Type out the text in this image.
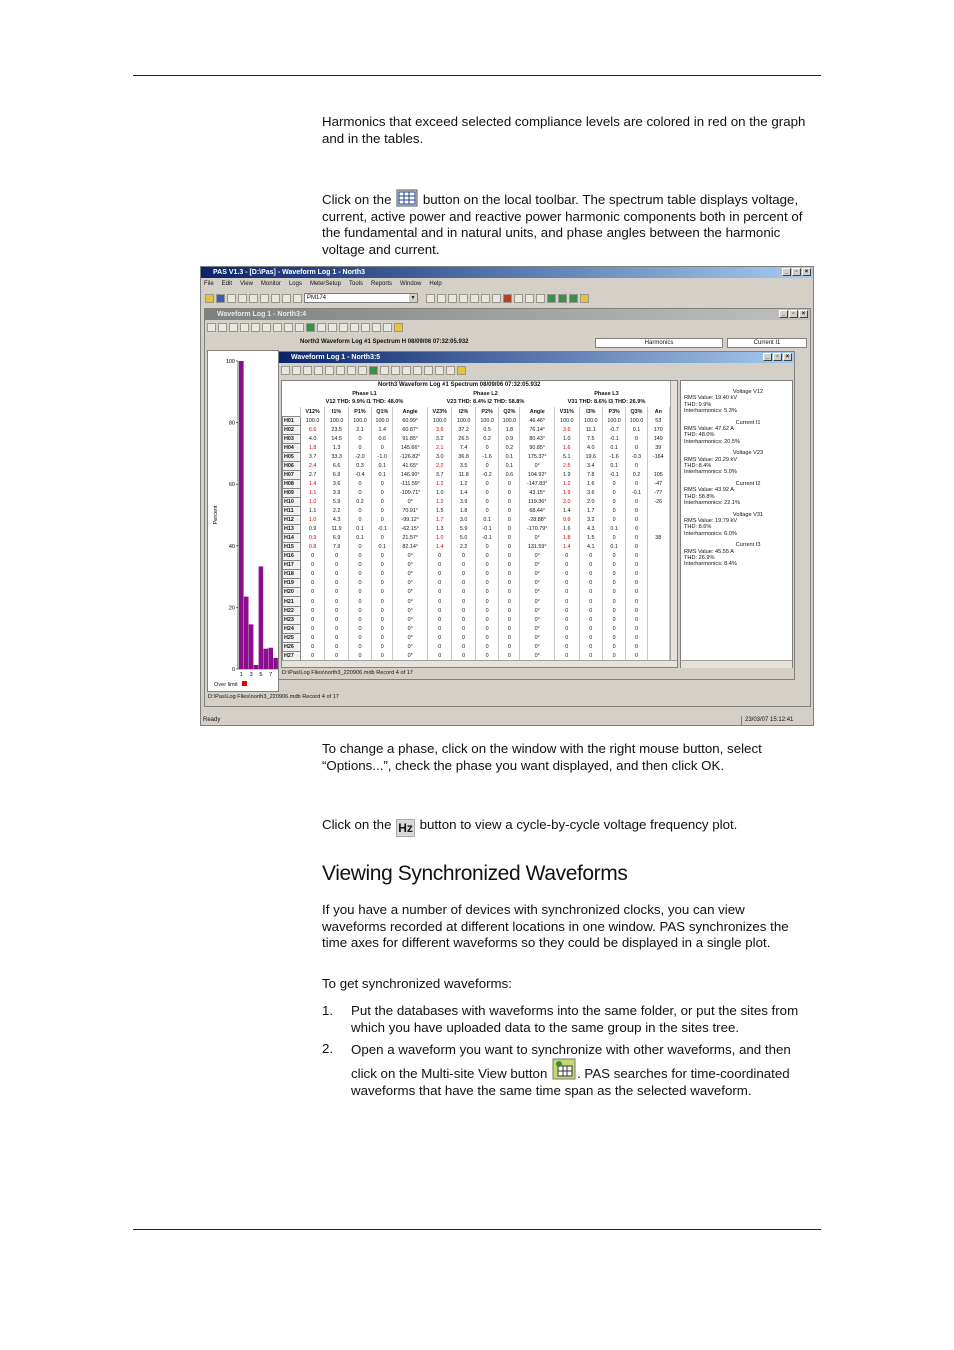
Harmonics that exceed selected compliance levels are colored in red on the graph and in the tables.
Click on the button on the local toolbar. The spectrum table displays voltage, current, active power and reactive power harmonic components both in percent of the fundamental and in natural units, and phase angles between the harmonic voltage and current.
PAS V1.3 - [D:\Pas] - Waveform Log 1 - North3	_	▫	×
File Edit View Monitor Logs MeterSetup Tools Reports Window Help
PM174	▼
Waveform Log 1 - North3:4	_	▫	×
North3 Waveform Log #1 Spectrum H 08/09/06 07:32:05.932	Harmonics	Current I1
0
20
40
60
80
100
Percent
1 3 5 7
Over limit
D:\Pas\Log Files\north3_220906.mdb Record 4 of 17
Waveform Log 1 - North3:5	_	▫	×
North3 Waveform Log #1 Spectrum 08/09/06 07:32:05.932
Phase L1
V12 THD: 9.9% I1 THD: 48.0%
Phase L2
V23 THD: 8.4% I2 THD: 58.8%
Phase L3
V31 THD: 8.6% I3 THD: 26.9%
	V12%	I1%	P1%	Q1%	Angle	V23%	I2%	P2%	Q2%	Angle	V31%	I3%	P3%	Q3%	An
H01	100.0	100.0	100.0	100.0	60.99°	100.0	100.0	100.0	100.0	46.46°	100.0	100.0	100.0	100.0	53
H02	6.6	23.5	2.1	1.4	60.87°	3.6	37.2	0.5	1.8	76.14°	3.6	11.1	-0.7	0.1	170
H03	4.0	14.5	0	0.6	91.85°	3.2	26.5	0.2	0.9	80.43°	1.0	7.5	-0.1	0	149
H04	1.8	1.3	0	0	145.66°	2.1	7.4	0	0.2	90.85°	1.6	4.0	0.1	0	39
H05	3.7	33.3	-2.0	-1.0	-126.82°	3.0	36.8	-1.6	0.1	175.37°	5.1	19.6	-1.6	-0.3	-164
H06	2.4	6.6	0.3	0.1	41.65°	2.2	3.5	0	0.1	0°	2.5	3.4	0.1	0	
H07	2.7	6.9	-0.4	0.1	146.90°	3.7	11.8	-0.2	0.6	104.92°	1.9	7.8	-0.1	0.2	105
H08	1.4	3.6	0	0	-111.59°	1.2	1.2	0	0	-147.83°	1.2	1.6	0	0	-47
H09	1.1	3.9	0	0	-109.71°	1.0	1.4	0	0	43.15°	1.9	3.6	0	-0.1	-77
H10	1.0	5.9	0.2	0	0°	1.2	3.9	0	0	119.36°	2.0	2.0	0	0	-26
H11	1.1	2.2	0	0	70.91°	1.5	1.8	0	0	68.44°	1.4	1.7	0	0	
H12	1.0	4.3	0	0	-99.12°	1.7	3.0	0.1	0	-28.88°	0.9	3.2	0	0	
H13	0.9	11.9	0.1	-0.1	-62.15°	1.3	5.9	-0.1	0	-170.79°	1.6	4.3	0.1	0	
H14	0.9	6.9	0.1	0	21.57°	1.0	5.0	-0.1	0	0°	1.8	1.5	0	0	38
H15	0.8	7.9	0	0.1	82.14°	1.4	2.2	0	0	131.59°	1.4	4.1	0.1	0	
H16	0	0	0	0	0°	0	0	0	0	0°	0	0	0	0	
H17	0	0	0	0	0°	0	0	0	0	0°	0	0	0	0	
H18	0	0	0	0	0°	0	0	0	0	0°	0	0	0	0	
H19	0	0	0	0	0°	0	0	0	0	0°	0	0	0	0	
H20	0	0	0	0	0°	0	0	0	0	0°	0	0	0	0	
H21	0	0	0	0	0°	0	0	0	0	0°	0	0	0	0	
H22	0	0	0	0	0°	0	0	0	0	0°	0	0	0	0	
H23	0	0	0	0	0°	0	0	0	0	0°	0	0	0	0	
H24	0	0	0	0	0°	0	0	0	0	0°	0	0	0	0	
H25	0	0	0	0	0°	0	0	0	0	0°	0	0	0	0	
H26	0	0	0	0	0°	0	0	0	0	0°	0	0	0	0	
H27	0	0	0	0	0°	0	0	0	0	0°	0	0	0	0	
Voltage V12
RMS Value: 19.40 kV
THD: 9.9%
Interharmonics: 5.3%
Current I1
RMS Value: 47.62 A
THD: 48.0%
Interharmonics: 20.5%
Voltage V23
RMS Value: 20.29 kV
THD: 8.4%
Interharmonics: 5.0%
Current I2
RMS Value: 43.92 A
THD: 58.8%
Interharmonics: 22.1%
Voltage V31
RMS Value: 19.79 kV
THD: 8.6%
Interharmonics: 6.0%
Current I3
RMS Value: 45.55 A
THD: 26.9%
Interharmonics: 8.4%
D:\Pas\Log Files\north3_220906.mdb Record 4 of 17
Ready	23/03/07 15:12:41
To change a phase, click on the window with the right mouse button, select “Options...”, check the phase you want displayed, and then click OK.
Click on the Hz button to view a cycle-by-cycle voltage frequency plot.
Viewing Synchronized Waveforms
If you have a number of devices with synchronized clocks, you can view waveforms recorded at different locations in one window. PAS synchronizes the time axes for different waveforms so they could be displayed in a single plot.
To get synchronized waveforms:
1. Put the databases with waveforms into the same folder, or put the sites from which you have uploaded data to the same group in the sites tree.
2. Open a waveform you want to synchronize with other waveforms, and then click on the Multi-site View button . PAS searches for time-coordinated waveforms that have the same time span as the selected waveform.
